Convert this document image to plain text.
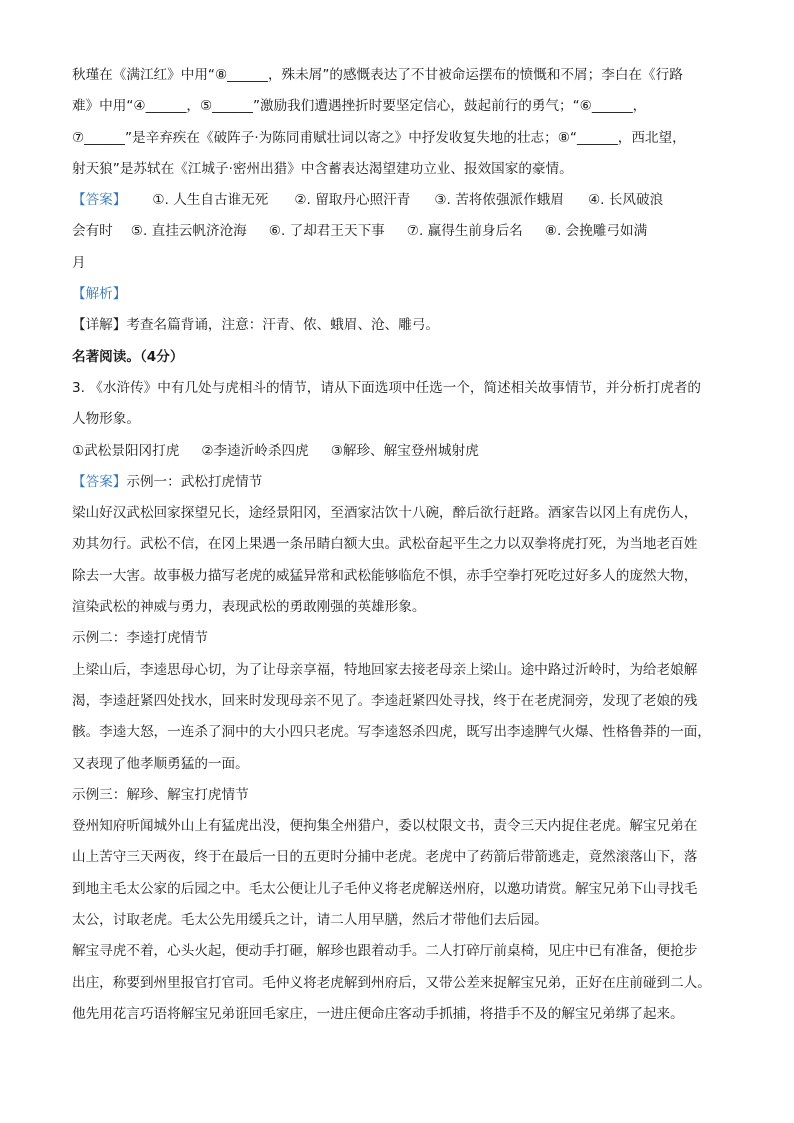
秋瑾在《满江红》中用“⑧______，殊未屑”的感慨表达了不甘被命运摆布的愤慨和不屑；李白在《行路
难》中用“④______，⑤______”激励我们遭遇挫折时要坚定信心，鼓起前行的勇气；“⑥______，
⑦______”是辛弃疾在《破阵子·为陈同甫赋壮词以寄之》中抒发收复失地的壮志；⑧“______，西北望，
射天狼”是苏轼在《江城子·密州出猎》中含蓄表达渴望建功立业、报效国家的豪情。
【答案】 ①. 人生自古谁无死 ②. 留取丹心照汗青 ③. 苦将侬强派作蛾眉 ④. 长风破浪
会有时 ⑤. 直挂云帆济沧海 ⑥. 了却君王天下事 ⑦. 赢得生前身后名 ⑧. 会挽雕弓如满
月
【解析】
【详解】考查名篇背诵，注意：汗青、侬、蛾眉、沧、雕弓。
名著阅读。（4分）
3. 《水浒传》中有几处与虎相斗的情节，请从下面选项中任选一个，简述相关故事情节，并分析打虎者的
人物形象。
①武松景阳冈打虎 ②李逵沂岭杀四虎 ③解珍、解宝登州城射虎
【答案】示例一：武松打虎情节
梁山好汉武松回家探望兄长，途经景阳冈，至酒家沽饮十八碗，醉后欲行赶路。酒家告以冈上有虎伤人，
劝其勿行。武松不信，在冈上果遇一条吊睛白额大虫。武松奋起平生之力以双拳将虎打死，为当地老百姓
除去一大害。故事极力描写老虎的威猛异常和武松能够临危不惧，赤手空拳打死吃过好多人的庞然大物，
渲染武松的神威与勇力，表现武松的勇敢刚强的英雄形象。
示例二：李逵打虎情节
上梁山后，李逵思母心切，为了让母亲享福，特地回家去接老母亲上梁山。途中路过沂岭时，为给老娘解
渴，李逵赶紧四处找水，回来时发现母亲不见了。李逵赶紧四处寻找，终于在老虎洞旁，发现了老娘的残
骸。李逵大怒，一连杀了洞中的大小四只老虎。写李逵怒杀四虎，既写出李逵脾气火爆、性格鲁莽的一面，
又表现了他孝顺勇猛的一面。
示例三：解珍、解宝打虎情节
登州知府听闻城外山上有猛虎出没，便拘集全州猎户，委以杖限文书，责令三天内捉住老虎。解宝兄弟在
山上苦守三天两夜，终于在最后一日的五更时分捕中老虎。老虎中了药箭后带箭逃走，竟然滚落山下，落
到地主毛太公家的后园之中。毛太公便让儿子毛仲义将老虎解送州府，以邀功请赏。解宝兄弟下山寻找毛
太公，讨取老虎。毛太公先用缓兵之计，请二人用早膳，然后才带他们去后园。
解宝寻虎不着，心头火起，便动手打砸，解珍也跟着动手。二人打碎厅前桌椅，见庄中已有准备，便抢步
出庄，称要到州里报官打官司。毛仲义将老虎解到州府后，又带公差来捉解宝兄弟，正好在庄前碰到二人。
他先用花言巧语将解宝兄弟诳回毛家庄，一进庄便命庄客动手抓捕，将措手不及的解宝兄弟绑了起来。
